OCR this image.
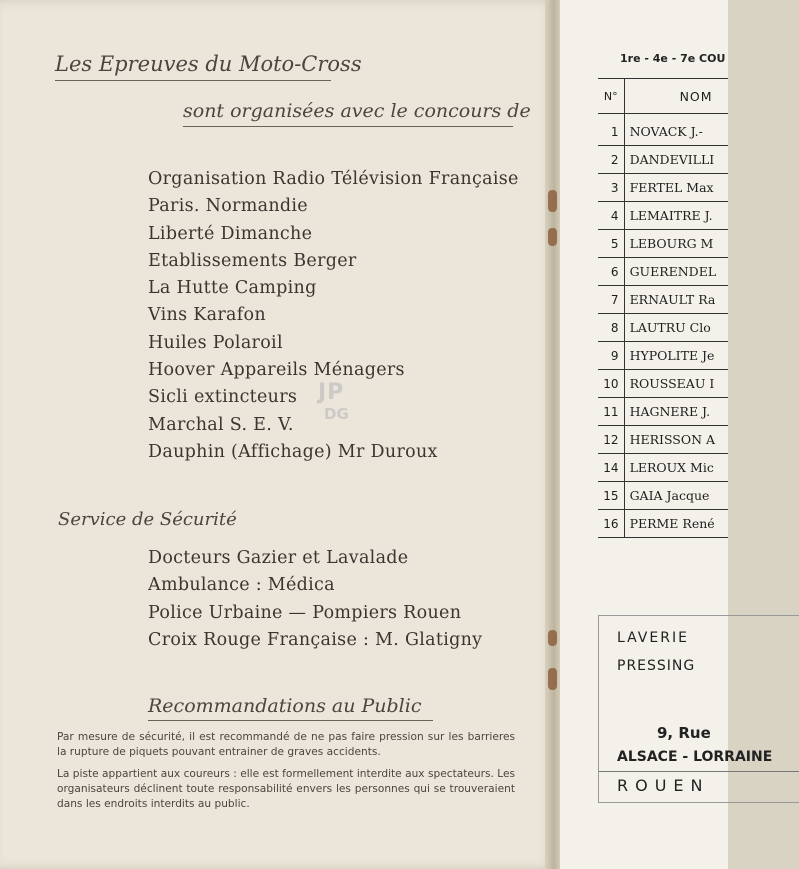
Les Epreuves du Moto-Cross
sont organisées avec le concours de
Organisation Radio Télévision Française
Paris. Normandie
Liberté Dimanche
Etablissements Berger
La Hutte Camping
Vins Karafon
Huiles Polaroil
Hoover Appareils Ménagers
Sicli extincteurs
Marchal S. E. V.
Dauphin (Affichage) Mr Duroux
JP
DG
Service de Sécurité
Docteurs Gazier et Lavalade
Ambulance : Médica
Police Urbaine — Pompiers Rouen
Croix Rouge Française : M. Glatigny
Recommandations au Public

Par mesure de sécurité, il est recommandé de ne pas faire pression sur les barrieres la rupture de piquets pouvant entrainer de graves accidents.

La piste appartient aux coureurs : elle est formellement interdite aux spectateurs. Les organisateurs déclinent toute responsabilité envers les personnes qui se trouveraient dans les endroits interdits au public.

1re - 4e - 7e COU
N°	NOM
1	NOVACK J.-
2	DANDEVILLI
3	FERTEL Max
4	LEMAITRE J.
5	LEBOURG M
6	GUERENDEL
7	ERNAULT Ra
8	LAUTRU Clo
9	HYPOLITE Je
10	ROUSSEAU I
11	HAGNERE J.
12	HERISSON A
14	LEROUX Mic
15	GAIA Jacque
16	PERME René
LAVERIE
PRESSING
9, Rue
ALSACE - LORRAINE
ROUEN
